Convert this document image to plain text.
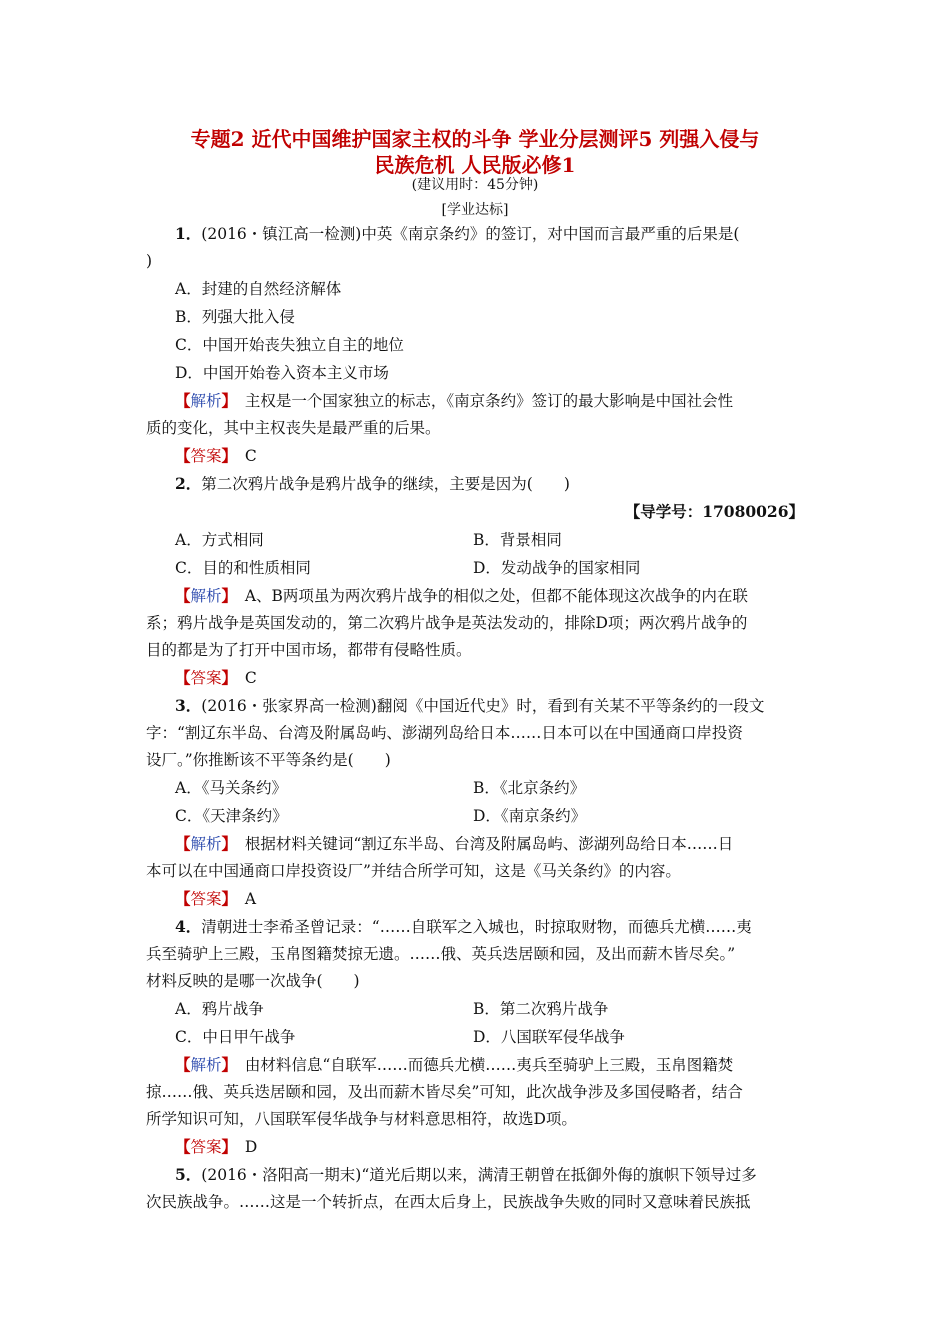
专题2 近代中国维护国家主权的斗争 学业分层测评5 列强入侵与
民族危机 人民版必修1
(建议用时：45分钟)
[学业达标]
1．(2016・镇江高一检测)中英《南京条约》的签订，对中国而言最严重的后果是(
)
A．封建的自然经济解体
B．列强大批入侵
C．中国开始丧失独立自主的地位
D．中国开始卷入资本主义市场
【解析】　 主权是一个国家独立的标志，《南京条约》签订的最大影响是中国社会性
质的变化，其中主权丧失是最严重的后果。
【答案】　 C
2．第二次鸦片战争是鸦片战争的继续，主要是因为(　　)
【导学号：17080026】
A．方式相同	B．背景相同
C．目的和性质相同	D．发动战争的国家相同
【解析】　 A、B两项虽为两次鸦片战争的相似之处，但都不能体现这次战争的内在联
系；鸦片战争是英国发动的，第二次鸦片战争是英法发动的，排除D项；两次鸦片战争的
目的都是为了打开中国市场，都带有侵略性质。
【答案】　 C
3．(2016・张家界高一检测)翻阅《中国近代史》时，看到有关某不平等条约的一段文
字：“割辽东半岛、台湾及附属岛屿、澎湖列岛给日本……日本可以在中国通商口岸投资
设厂。”你推断该不平等条约是(　　)
A．《马关条约》	B．《北京条约》
C．《天津条约》	D．《南京条约》
【解析】　 根据材料关键词“割辽东半岛、台湾及附属岛屿、澎湖列岛给日本……日
本可以在中国通商口岸投资设厂”并结合所学可知，这是《马关条约》的内容。
【答案】　 A
4．清朝进士李希圣曾记录：“……自联军之入城也，时掠取财物，而德兵尤横……夷
兵至骑驴上三殿，玉帛图籍焚掠无遗。……俄、英兵迭居颐和园，及出而薪木皆尽矣。”
材料反映的是哪一次战争(　　)
A．鸦片战争	B．第二次鸦片战争
C．中日甲午战争	D．八国联军侵华战争
【解析】　 由材料信息“自联军……而德兵尤横……夷兵至骑驴上三殿，玉帛图籍焚
掠……俄、英兵迭居颐和园，及出而薪木皆尽矣”可知，此次战争涉及多国侵略者，结合
所学知识可知，八国联军侵华战争与材料意思相符，故选D项。
【答案】　 D
5．(2016・洛阳高一期末)“道光后期以来，满清王朝曾在抵御外侮的旗帜下领导过多
次民族战争。……这是一个转折点，在西太后身上，民族战争失败的同时又意味着民族抵
